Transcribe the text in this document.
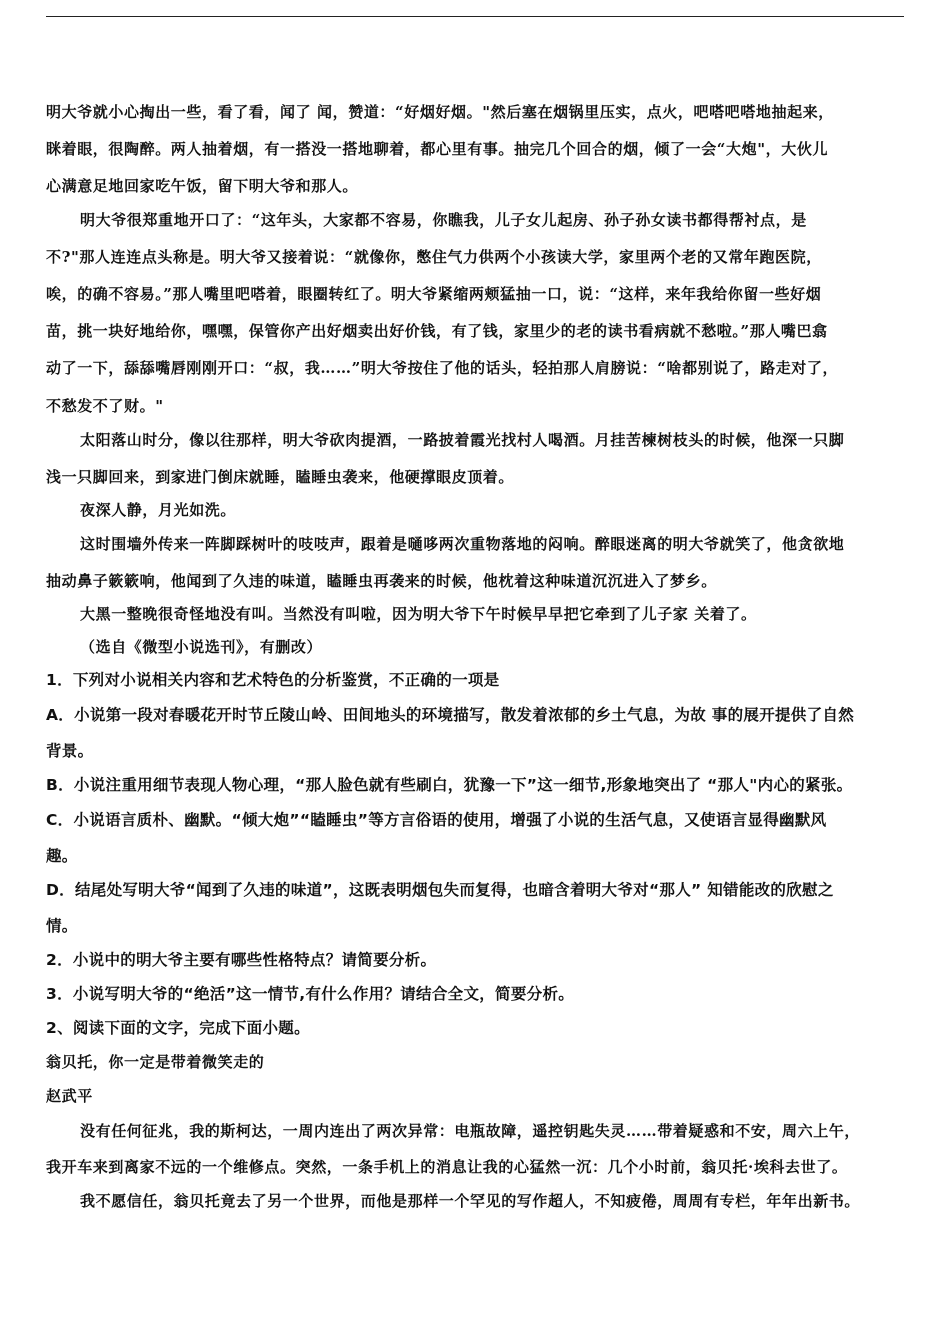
明大爷就小心掏出一些，看了看，闻了 闻，赞道：“好烟好烟。"然后塞在烟锅里压实，点火，吧嗒吧嗒地抽起来，
眯着眼，很陶醉。两人抽着烟，有一搭没一搭地聊着，都心里有事。抽完几个回合的烟，倾了一会“大炮"，大伙儿
心满意足地回家吃午饭，留下明大爷和那人。
明大爷很郑重地开口了：“这年头，大家都不容易，你瞧我，儿子女儿起房、孙子孙女读书都得帮衬点，是
不?"那人连连点头称是。明大爷又接着说：“就像你，憋住气力供两个小孩读大学，家里两个老的又常年跑医院，
唉，的确不容易。”那人嘴里吧嗒着，眼圈转红了。明大爷紧缩两颊猛抽一口，说：“这样，来年我给你留一些好烟
苗，挑一块好地给你，嘿嘿，保管你产出好烟卖出好价钱，有了钱，家里少的老的读书看病就不愁啦。”那人嘴巴翕
动了一下，舔舔嘴唇刚刚开口：“叔，我……”明大爷按住了他的话头，轻拍那人肩膀说：“啥都别说了，路走对了，
不愁发不了财。"
太阳落山时分，像以往那样，明大爷砍肉提酒，一路披着霞光找村人喝酒。月挂苦楝树枝头的时候，他深一只脚
浅一只脚回来，到家进门倒床就睡，瞌睡虫袭来，他硬撑眼皮顶着。
夜深人静，月光如洗。
这时围墙外传来一阵脚踩树叶的吱吱声，跟着是嗵哆两次重物落地的闷响。醉眼迷离的明大爷就笑了，他贪欲地
抽动鼻子簌簌响，他闻到了久违的味道，瞌睡虫再袭来的时候，他枕着这种味道沉沉进入了梦乡。
大黑一整晚很奇怪地没有叫。当然没有叫啦，因为明大爷下午时候早早把它牵到了儿子家 关着了。
（选自《微型小说选刊》，有删改）
1．下列对小说相关内容和艺术特色的分析鉴赏，不正确的一项是
A．小说第一段对春暖花开时节丘陵山岭、田间地头的环境描写，散发着浓郁的乡土气息，为故 事的展开提供了自然
背景。
B．小说注重用细节表现人物心理，“那人脸色就有些刷白，犹豫一下”这一细节,形象地突出了 “那人"内心的紧张。
C．小说语言质朴、幽默。“倾大炮”“瞌睡虫”等方言俗语的使用，增强了小说的生活气息，又使语言显得幽默风
趣。
D．结尾处写明大爷“闻到了久违的味道”，这既表明烟包失而复得，也暗含着明大爷对“那人” 知错能改的欣慰之
情。
2．小说中的明大爷主要有哪些性格特点？请简要分析。
3．小说写明大爷的“绝活”这一情节,有什么作用？请结合全文，简要分析。
2、阅读下面的文字，完成下面小题。
翁贝托，你一定是带着微笑走的
赵武平
没有任何征兆，我的斯柯达，一周内连出了两次异常：电瓶故障，遥控钥匙失灵……带着疑惑和不安，周六上午，
我开车来到离家不远的一个维修点。突然，一条手机上的消息让我的心猛然一沉：几个小时前，翁贝托·埃科去世了。
我不愿信任，翁贝托竟去了另一个世界，而他是那样一个罕见的写作超人，不知疲倦，周周有专栏，年年出新书。
